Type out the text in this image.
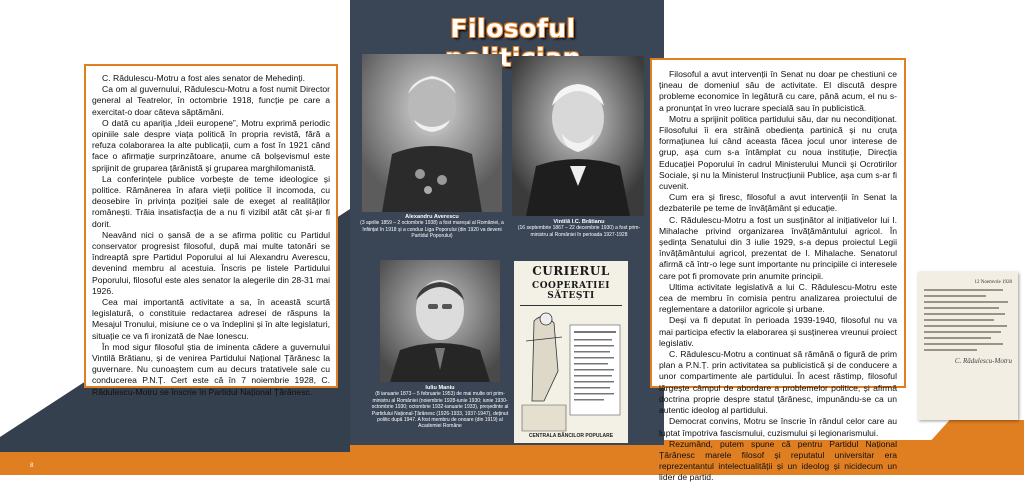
8
Filosoful

C. Rădulescu-Motru a fost ales senator de Mehedinți.

Ca om al guvernului, Rădulescu-Motru a fost numit Director general al Teatrelor, în octombrie 1918, funcție pe care a exercitat-o doar câteva săptămâni.

O dată cu apariția „Ideii europene”, Motru exprimă periodic opiniile sale despre viața politică în propria revistă, fără a refuza colaborarea la alte publicații, cum a fost în 1921 când face o afirmație surprinzătoare, anume că bolșevismul este sprijinit de gruparea țărănistă și gruparea marghilomanistă.

La conferințele publice vorbește de teme ideologice și politice. Rămânerea în afara vieții politice îl incomoda, cu deosebire în privința poziției sale de exeget al realităților românești. Trăia insatisfacția de a nu fi vizibil atât cât și-ar fi dorit.

Neavând nici o șansă de a se afirma politic cu Partidul conservator progresist filosoful, după mai multe tatonări se îndreaptă spre Partidul Poporului al lui Alexandru Averescu, devenind membru al acestuia. Înscris pe listele Partidului Poporului, filosoful este ales senator la alegerile din 28-31 mai 1926.

Cea mai importantă activitate a sa, în această scurtă legislatură, o constituie redactarea adresei de răspuns la Mesajul Tronului, misiune ce o va îndeplini și în alte legislaturi, situație ce va fi ironizată de Nae Ionescu.

În mod sigur filosoful știa de iminenta cădere a guvernului Vintilă Brătianu, și de venirea Partidului Național Țărănesc la guvernare. Nu cunoaștem cum au decurs tratativele sale cu conducerea P.N.Ț. Cert este că în 7 noiembrie 1928, C. Rădulescu-Motru se înscrie în Partidul Național Țărănesc.

Alexandru Averescu
(3 aprilie 1859 – 2 octombrie 1938) a fost mareșal al României, a înființat în 1918 și a condus Liga Poporului (din 1920 va deveni Partidul Poporului)
Vintilă I.C. Brătianu
(16 septembrie 1867 – 22 decembrie 1930) a fost prim-ministru al României în perioada 1927-1928
Iuliu Maniu
(8 ianuarie 1873 – 5 februarie 1953) de mai multe ori prim-ministru al României (noiembrie 1928-iunie 1930; iunie 1930-octombrie 1930; octombrie 1932-ianuarie 1933), președinte al Partidului Național-Țărănesc (1926-1933, 1937-1947), deținut politic după 1947. A fost membru de onoare (din 1919) al Academiei Române
CURIERUL
COOPERATIEI SĂTEȘTI
CENTRALA BĂNCILOR POPULARE

Filosoful a avut intervenții în Senat nu doar pe chestiuni ce țineau de domeniul său de activitate. El discută despre probleme economice în legătură cu care, până acum, el nu s-a pronunțat în vreo lucrare specială sau în publicistică.

Motru a sprijinit politica partidului său, dar nu necondiționat. Filosofului îi era străină obediența partinică și nu cruța formațiunea lui când aceasta făcea jocul unor interese de grup, așa cum s-a întâmplat cu noua instituție, Direcția Educației Poporului în cadrul Ministerului Muncii și Ocrotirilor Sociale, și nu la Ministerul Instrucțiunii Publice, așa cum s-ar fi cuvenit.

Cum era și firesc, filosoful a avut intervenții în Senat la dezbaterile pe teme de învățământ și educație.

C. Rădulescu-Motru a fost un susținător al inițiativelor lui I. Mihalache privind organizarea învățământului agricol. În ședința Senatului din 3 iulie 1929, s-a depus proiectul Legii învățământului agricol, prezentat de I. Mihalache. Senatorul afirmă că într-o lege sunt importante nu principiile ci interesele care pot fi promovate prin anumite principii.

Ultima activitate legislativă a lui C. Rădulescu-Motru este cea de membru în comisia pentru analizarea proiectului de reglementare a datoriilor agricole și urbane.

Deși va fi deputat în perioada 1939-1940, filosoful nu va mai participa efectiv la elaborarea și susținerea vreunui proiect legislativ.

C. Rădulescu-Motru a continuat să rămână o figură de prim plan a P.N.Ț. prin activitatea sa publicistică și de conducere a unor compartimente ale partidului. În acest răstimp, filosoful lărgește câmpul de abordare a problemelor politice, și afirmă doctrina proprie despre statul țărănesc, impunându-se ca un autentic ideolog al partidului.

Democrat convins, Motru se înscrie în rândul celor care au luptat împotriva fascismului, cuzismului și legionarismului.

Rezumând, putem spune că pentru Partidul Național Țărănesc marele filosof și reputatul universitar era reprezentantul intelectualității și un ideolog și nicidecum un lider de partid.

12 Noemvrie 1928
C. Rădulescu-Motru
